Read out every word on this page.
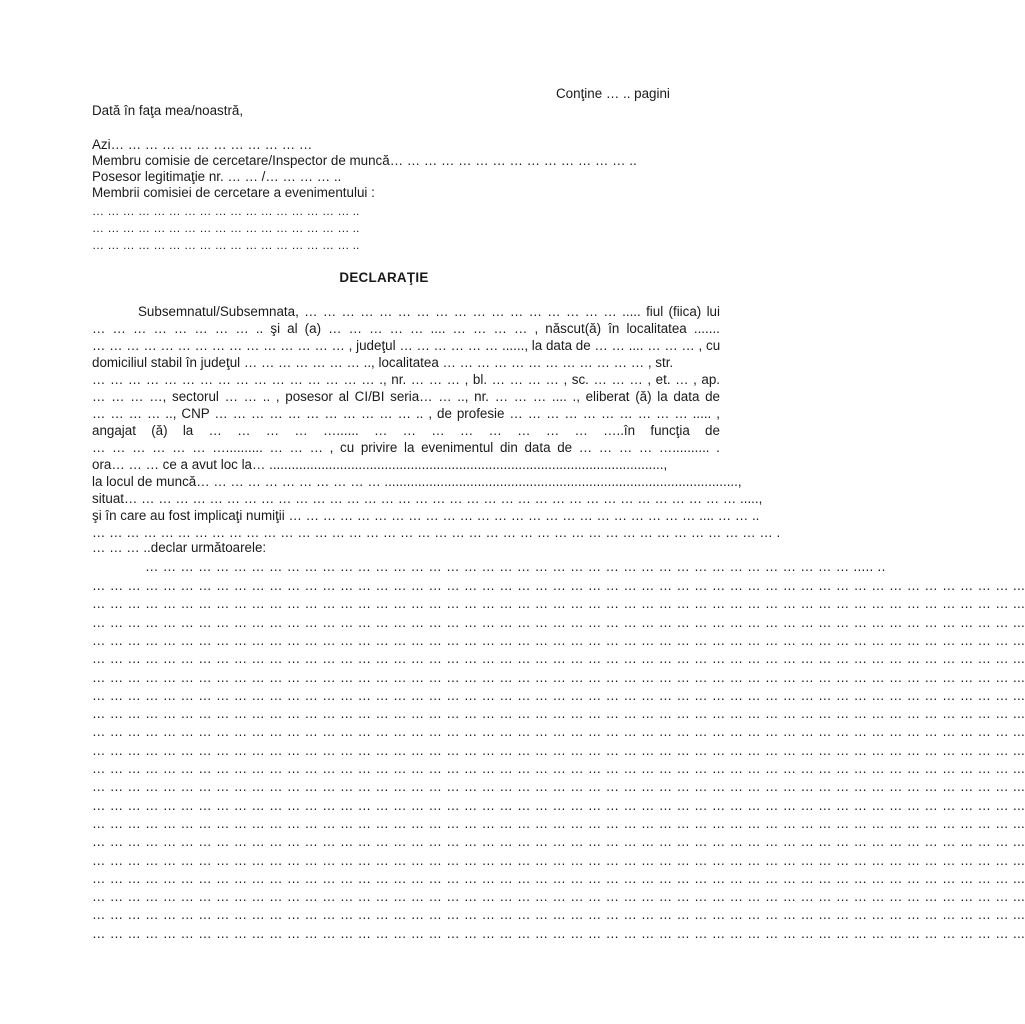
Conţine … .. pagini
Dată în faţa mea/noastră,
Azi… … … … … … … … … … … …
Membru comisie de cercetare/Inspector de muncă… … … … … … … … … … … … … … ..
Posesor legitimaţie nr. … … /… … … … ..
Membrii comisiei de cercetare a evenimentului :
… … … … … … … … … … … … … … … … … ..
… … … … … … … … … … … … … … … … … ..
… … … … … … … … … … … … … … … … … ..
DECLARAŢIE
Subsemnatul/Subsemnata, … … … … … … … … … … … … … … … … … ..... fiul (fiica) lui
… … … … … … … … .. şi al (a) … … … … … .... … … … … , născut(ă) în localitatea .......
… … … … … … … … … … … … … … … , judeţul … … … … … … ......, la data de … … .... … … … , cu
domiciliul stabil în judeţul … … … … … … … .., localitatea … … … … … … … … … … … … , str.
… … … … … … … … … … … … … … … … ., nr. … … … , bl. … … … … , sc. … … … , et. … , ap.
… … … …, sectorul … … .. , posesor al CI/BI seria… … .., nr. … … … .... ., eliberat (ă) la data de
… … … … .., CNP … … … … … … … … … … … .. , de profesie … … … … … … … … … … ..... ,
angajat (ă) la … … … … …...... … … … … … … … … …..în funcţia de
… … … … … … ….......... … … … , cu privire la evenimentul din data de … … … … ….......... .
ora… … … ce a avut loc la… ..........................................................................................................,
la locul de muncă… … … … … … … … … … … ...............................................................................................,
situat… … … … … … … … … … … … … … … … … … … … … … … … … … … … … … … … … … … … .....,
şi în care au fost implicaţi numiţii … … … … … … … … … … … … … … … … … … … … … … … … .... … … ..
… … … … … … … … … … … … … … … … … … … … … … … … … … … … … … … … … … … … … … … … .
… … … ..declar următoarele:
… … … … … … … … … … … … … … … … … … … … … … … … … … … … … … … … … … … … … … … … ..... ..
… … … … … … … … … … … … … … … … … … … … … … … … … … … … … … … … … … … … … … … … … … … … … … … … … … … … ...
… … … … … … … … … … … … … … … … … … … … … … … … … … … … … … … … … … … … … … … … … … … … … … … … … … … … ...
… … … … … … … … … … … … … … … … … … … … … … … … … … … … … … … … … … … … … … … … … … … … … … … … … … … … ...
… … … … … … … … … … … … … … … … … … … … … … … … … … … … … … … … … … … … … … … … … … … … … … … … … … … … ...
… … … … … … … … … … … … … … … … … … … … … … … … … … … … … … … … … … … … … … … … … … … … … … … … … … … … ...
… … … … … … … … … … … … … … … … … … … … … … … … … … … … … … … … … … … … … … … … … … … … … … … … … … … … ...
… … … … … … … … … … … … … … … … … … … … … … … … … … … … … … … … … … … … … … … … … … … … … … … … … … … … ...
… … … … … … … … … … … … … … … … … … … … … … … … … … … … … … … … … … … … … … … … … … … … … … … … … … … … ...
… … … … … … … … … … … … … … … … … … … … … … … … … … … … … … … … … … … … … … … … … … … … … … … … … … … … ...
… … … … … … … … … … … … … … … … … … … … … … … … … … … … … … … … … … … … … … … … … … … … … … … … … … … … ...
… … … … … … … … … … … … … … … … … … … … … … … … … … … … … … … … … … … … … … … … … … … … … … … … … … … … ...
… … … … … … … … … … … … … … … … … … … … … … … … … … … … … … … … … … … … … … … … … … … … … … … … … … … … ...
… … … … … … … … … … … … … … … … … … … … … … … … … … … … … … … … … … … … … … … … … … … … … … … … … … … … ...
… … … … … … … … … … … … … … … … … … … … … … … … … … … … … … … … … … … … … … … … … … … … … … … … … … … … ...
… … … … … … … … … … … … … … … … … … … … … … … … … … … … … … … … … … … … … … … … … … … … … … … … … … … … ...
… … … … … … … … … … … … … … … … … … … … … … … … … … … … … … … … … … … … … … … … … … … … … … … … … … … … ...
… … … … … … … … … … … … … … … … … … … … … … … … … … … … … … … … … … … … … … … … … … … … … … … … … … … … ...
… … … … … … … … … … … … … … … … … … … … … … … … … … … … … … … … … … … … … … … … … … … … … … … … … … … … ...
… … … … … … … … … … … … … … … … … … … … … … … … … … … … … … … … … … … … … … … … … … … … … … … … … … … … ...
… … … … … … … … … … … … … … … … … … … … … … … … … … … … … … … … … … … … … … … … … … … … … … … … … … … … ...
